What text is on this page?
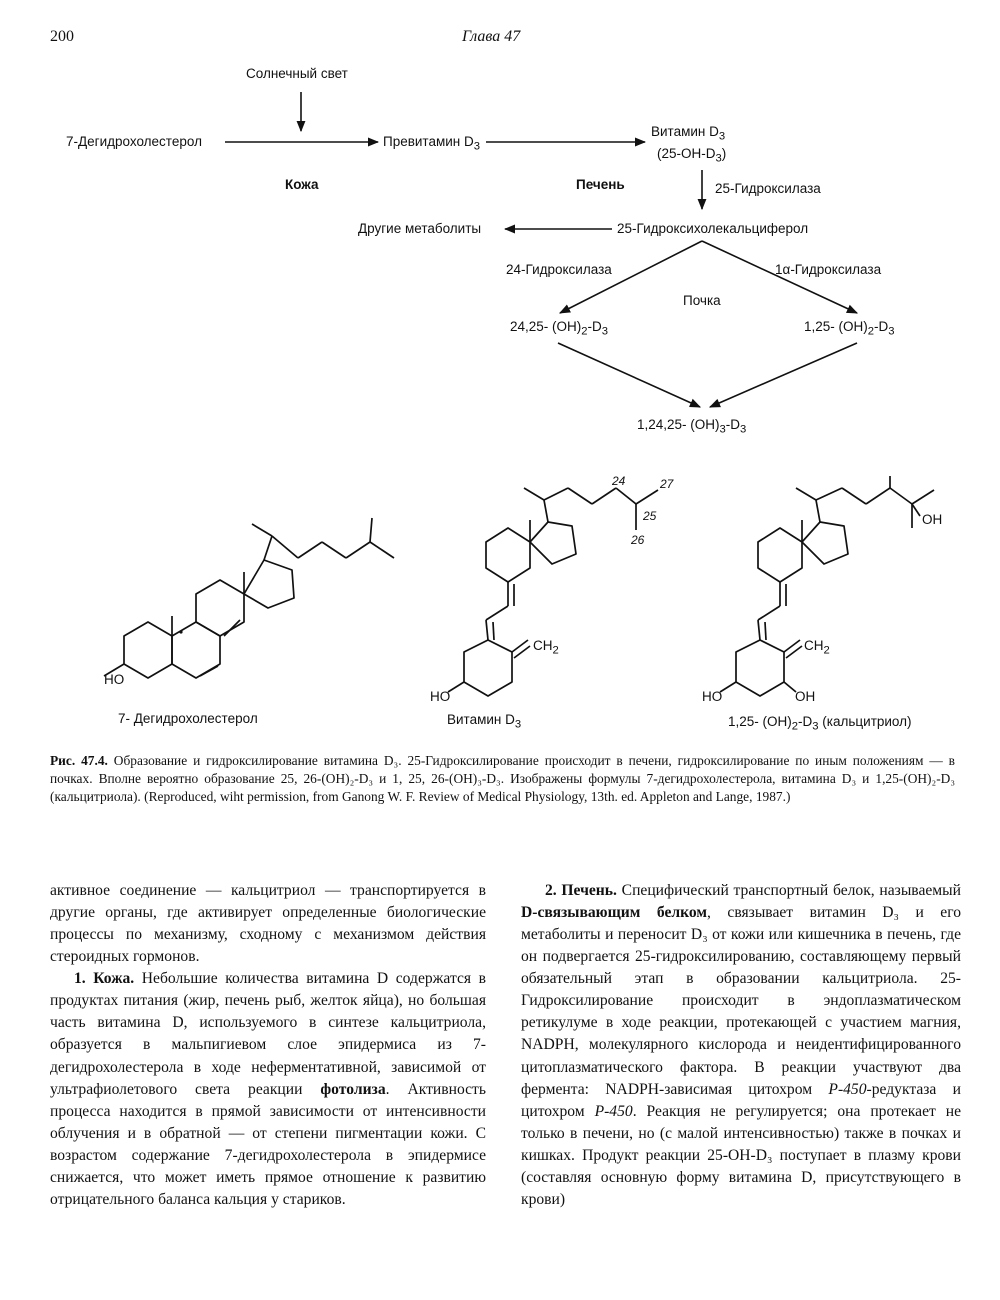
200	Глава 47
Солнечный свет
7-Дегидрохолестерол	Превитамин $D_3$
Витамин $D_3$
$(25-OH-D_3)$
Кожа	Печень	25-Гидроксилаза
Другие метаболиты	25-Гидроксихолекальциферол
24-Гидроксилаза	1α-Гидроксилаза
Почка
24,25- $(OH)_2-D_3$	1,25- $(OH)_2-D_3$
1,24,25- $(OH)_3-D_3$
HO
7- Дегидрохолестерол
$CH_2$
HO
24	27
25
26
Витамин $D_3$
$CH_2$
OH
HO	OH
1,25- $(OH)_2-D_3$ (кальцитриол)
Рис. 47.4. Образование и гидроксилирование витамина D₃. 25-Гидроксилирование происходит в печени, гидроксилирование по иным положениям — в почках. Вполне вероятно образование 25, 26-(OH)₂-D₃ и 1, 25, 26-(OH)₃-D₃. Изображены формулы 7-дегидрохолестерола, витамина D₃ и 1,25-(OH)₂-D₃ (кальцитриола). (Reproduced, wiht permission, from Ganong W. F. Review of Medical Physiology, 13th. ed. Appleton and Lange, 1987.)

активное соединение — кальцитриол — транспортируется в другие органы, где активирует определенные биологические процессы по механизму, сходному с механизмом действия стероидных гормонов.

1. Кожа. Небольшие количества витамина D содержатся в продуктах питания (жир, печень рыб, желток яйца), но большая часть витамина D, используемого в синтезе кальцитриола, образуется в мальпигиевом слое эпидермиса из 7-дегидрохолестерола в ходе неферментативной, зависимой от ультрафиолетового света реакции фотолиза. Активность процесса находится в прямой зависимости от интенсивности облучения и в обратной — от степени пигментации кожи. С возрастом содержание 7-дегидрохолестерола в эпидермисе снижается, что может иметь прямое отношение к развитию отрицательного баланса кальция у стариков.

2. Печень. Специфический транспортный белок, называемый D-связывающим белком, связывает витамин D₃ и его метаболиты и переносит D₃ от кожи или кишечника в печень, где он подвергается 25-гидроксилированию, составляющему первый обязательный этап в образовании кальцитриола. 25-Гидроксилирование происходит в эндоплазматическом ретикулуме в ходе реакции, протекающей с участием магния, NADPH, молекулярного кислорода и неидентифицированного цитоплазматического фактора. В реакции участвуют два фермента: NADPH-зависимая цитохром P-450-редуктаза и цитохром P-450. Реакция не регулируется; она протекает не только в печени, но (с малой интенсивностью) также в почках и кишках. Продукт реакции 25-OH-D₃ поступает в плазму крови (составляя основную форму витамина D, присутствующего в крови)
